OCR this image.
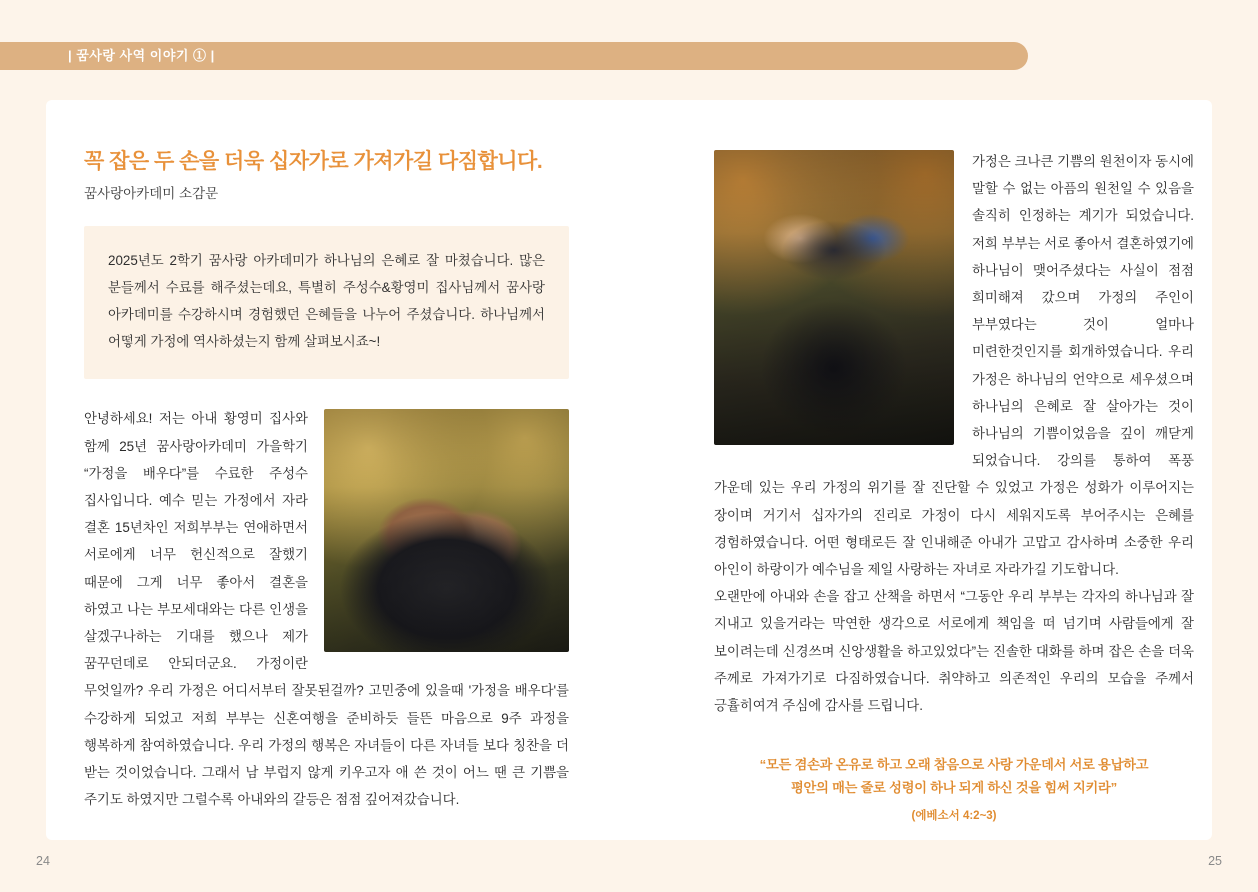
| 꿈사랑 사역 이야기 ① |
꼭 잡은 두 손을 더욱 십자가로 가져가길 다짐합니다.
꿈사랑아카데미 소감문

2025년도 2학기 꿈사랑 아카데미가 하나님의 은혜로 잘 마쳤습니다. 많은 분들께서 수료를 해주셨는데요, 특별히 주성수&황영미 집사님께서 꿈사랑 아카데미를 수강하시며 경험했던 은혜들을 나누어 주셨습니다. 하나님께서 어떻게 가정에 역사하셨는지 함께 살펴보시죠~!

안녕하세요! 저는 아내 황영미 집사와 함께 25년 꿈사랑아카데미 가을학기 “가정을 배우다”를 수료한 주성수 집사입니다. 예수 믿는 가정에서 자라 결혼 15년차인 저희부부는 연애하면서 서로에게 너무 헌신적으로 잘했기 때문에 그게 너무 좋아서 결혼을 하였고 나는 부모세대와는 다른 인생을 살겠구나하는 기대를 했으나 제가 꿈꾸던데로 안되더군요. 가정이란 무엇일까? 우리 가정은 어디서부터 잘못된걸까? 고민중에 있을때 '가정을 배우다'를 수강하게 되었고 저희 부부는 신혼여행을 준비하듯 들뜬 마음으로 9주 과정을 행복하게 참여하였습니다. 우리 가정의 행복은 자녀들이 다른 자녀들 보다 칭찬을 더 받는 것이었습니다. 그래서 남 부럽지 않게 키우고자 애 쓴 것이 어느 땐 큰 기쁨을 주기도 하였지만 그럴수록 아내와의 갈등은 점점 깊어져갔습니다.

가정은 크나큰 기쁨의 원천이자 동시에 말할 수 없는 아픔의 원천일 수 있음을 솔직히 인정하는 계기가 되었습니다. 저희 부부는 서로 좋아서 결혼하였기에 하나님이 맺어주셨다는 사실이 점점 희미해져 갔으며 가정의 주인이 부부였다는 것이 얼마나 미련한것인지를 회개하였습니다. 우리 가정은 하나님의 언약으로 세우셨으며 하나님의 은혜로 잘 살아가는 것이 하나님의 기쁨이었음을 깊이 깨닫게 되었습니다. 강의를 통하여 폭풍 가운데 있는 우리 가정의 위기를 잘 진단할 수 있었고 가정은 성화가 이루어지는 장이며 거기서 십자가의 진리로 가정이 다시 세워지도록 부어주시는 은혜를 경험하였습니다. 어떤 형태로든 잘 인내해준 아내가 고맙고 감사하며 소중한 우리 아인이 하랑이가 예수님을 제일 사랑하는 자녀로 자라가길 기도합니다.

오랜만에 아내와 손을 잡고 산책을 하면서 “그동안 우리 부부는 각자의 하나님과 잘 지내고 있을거라는 막연한 생각으로 서로에게 책임을 떠 넘기며 사람들에게 잘 보이려는데 신경쓰며 신앙생활을 하고있었다”는 진솔한 대화를 하며 잡은 손을 더욱 주께로 가져가기로 다짐하였습니다. 취약하고 의존적인 우리의 모습을 주께서 긍휼히여겨 주심에 감사를 드립니다.

“모든 겸손과 온유로 하고 오래 참음으로 사랑 가운데서 서로 용납하고
평안의 매는 줄로 성령이 하나 되게 하신 것을 힘써 지키라”
(에베소서 4:2~3)
24	25
